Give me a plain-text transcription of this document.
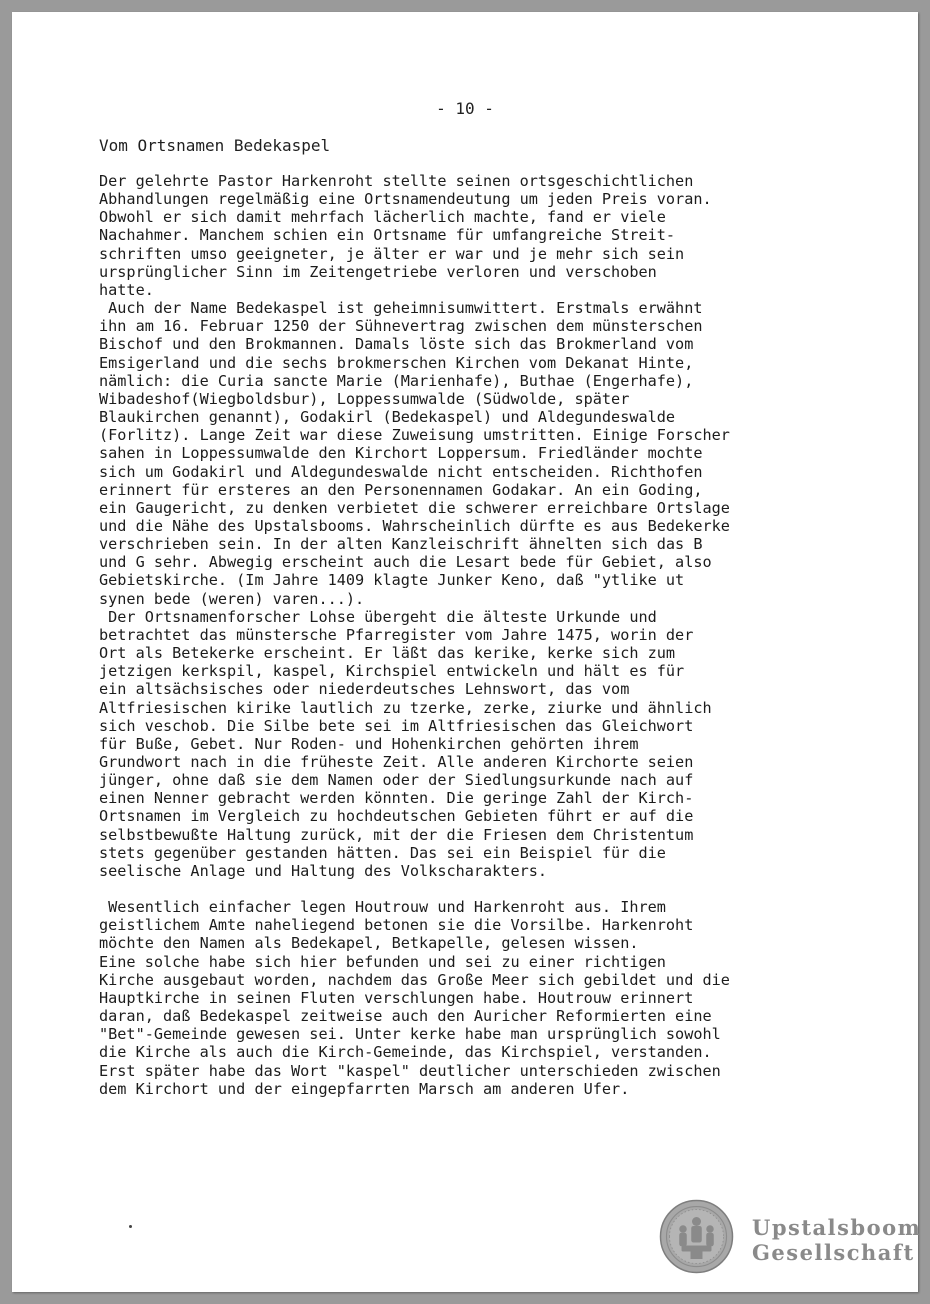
- 10 -
Vom Ortsnamen Bedekaspel
Der gelehrte Pastor Harkenroht stellte seinen ortsgeschichtlichen
Abhandlungen regelmäßig eine Ortsnamendeutung um jeden Preis voran.
Obwohl er sich damit mehrfach lächerlich machte, fand er viele
Nachahmer. Manchem schien ein Ortsname für umfangreiche Streit-
schriften umso geeigneter, je älter er war und je mehr sich sein
ursprünglicher Sinn im Zeitengetriebe verloren und verschoben
hatte.
Auch der Name Bedekaspel ist geheimnisumwittert. Erstmals erwähnt
ihn am 16. Februar 1250 der Sühnevertrag zwischen dem münsterschen
Bischof und den Brokmannen. Damals löste sich das Brokmerland vom
Emsigerland und die sechs brokmerschen Kirchen vom Dekanat Hinte,
nämlich: die Curia sancte Marie (Marienhafe), Buthae (Engerhafe),
Wibadeshof(Wiegboldsbur), Loppessumwalde (Südwolde, später
Blaukirchen genannt), Godakirl (Bedekaspel) und Aldegundeswalde
(Forlitz). Lange Zeit war diese Zuweisung umstritten. Einige Forscher
sahen in Loppessumwalde den Kirchort Loppersum. Friedländer mochte
sich um Godakirl und Aldegundeswalde nicht entscheiden. Richthofen
erinnert für ersteres an den Personennamen Godakar. An ein Goding,
ein Gaugericht, zu denken verbietet die schwerer erreichbare Ortslage
und die Nähe des Upstalsbooms. Wahrscheinlich dürfte es aus Bedekerke
verschrieben sein. In der alten Kanzleischrift ähnelten sich das B
und G sehr. Abwegig erscheint auch die Lesart bede für Gebiet, also
Gebietskirche. (Im Jahre 1409 klagte Junker Keno, daß "ytlike ut
synen bede (weren) varen...).
Der Ortsnamenforscher Lohse übergeht die älteste Urkunde und
betrachtet das münstersche Pfarregister vom Jahre 1475, worin der
Ort als Betekerke erscheint. Er läßt das kerike, kerke sich zum
jetzigen kerkspil, kaspel, Kirchspiel entwickeln und hält es für
ein altsächsisches oder niederdeutsches Lehnswort, das vom
Altfriesischen kirike lautlich zu tzerke, zerke, ziurke und ähnlich
sich veschob. Die Silbe bete sei im Altfriesischen das Gleichwort
für Buße, Gebet. Nur Roden- und Hohenkirchen gehörten ihrem
Grundwort nach in die früheste Zeit. Alle anderen Kirchorte seien
jünger, ohne daß sie dem Namen oder der Siedlungsurkunde nach auf
einen Nenner gebracht werden könnten. Die geringe Zahl der Kirch-
Ortsnamen im Vergleich zu hochdeutschen Gebieten führt er auf die
selbstbewußte Haltung zurück, mit der die Friesen dem Christentum
stets gegenüber gestanden hätten. Das sei ein Beispiel für die
seelische Anlage und Haltung des Volkscharakters.
Wesentlich einfacher legen Houtrouw und Harkenroht aus. Ihrem
geistlichem Amte naheliegend betonen sie die Vorsilbe. Harkenroht
möchte den Namen als Bedekapel, Betkapelle, gelesen wissen.
Eine solche habe sich hier befunden und sei zu einer richtigen
Kirche ausgebaut worden, nachdem das Große Meer sich gebildet und die
Hauptkirche in seinen Fluten verschlungen habe. Houtrouw erinnert
daran, daß Bedekaspel zeitweise auch den Auricher Reformierten eine
"Bet"-Gemeinde gewesen sei. Unter kerke habe man ursprünglich sowohl
die Kirche als auch die Kirch-Gemeinde, das Kirchspiel, verstanden.
Erst später habe das Wort "kaspel" deutlicher unterschieden zwischen
dem Kirchort und der eingepfarrten Marsch am anderen Ufer.
Upstalsboom
Gesellschaft
